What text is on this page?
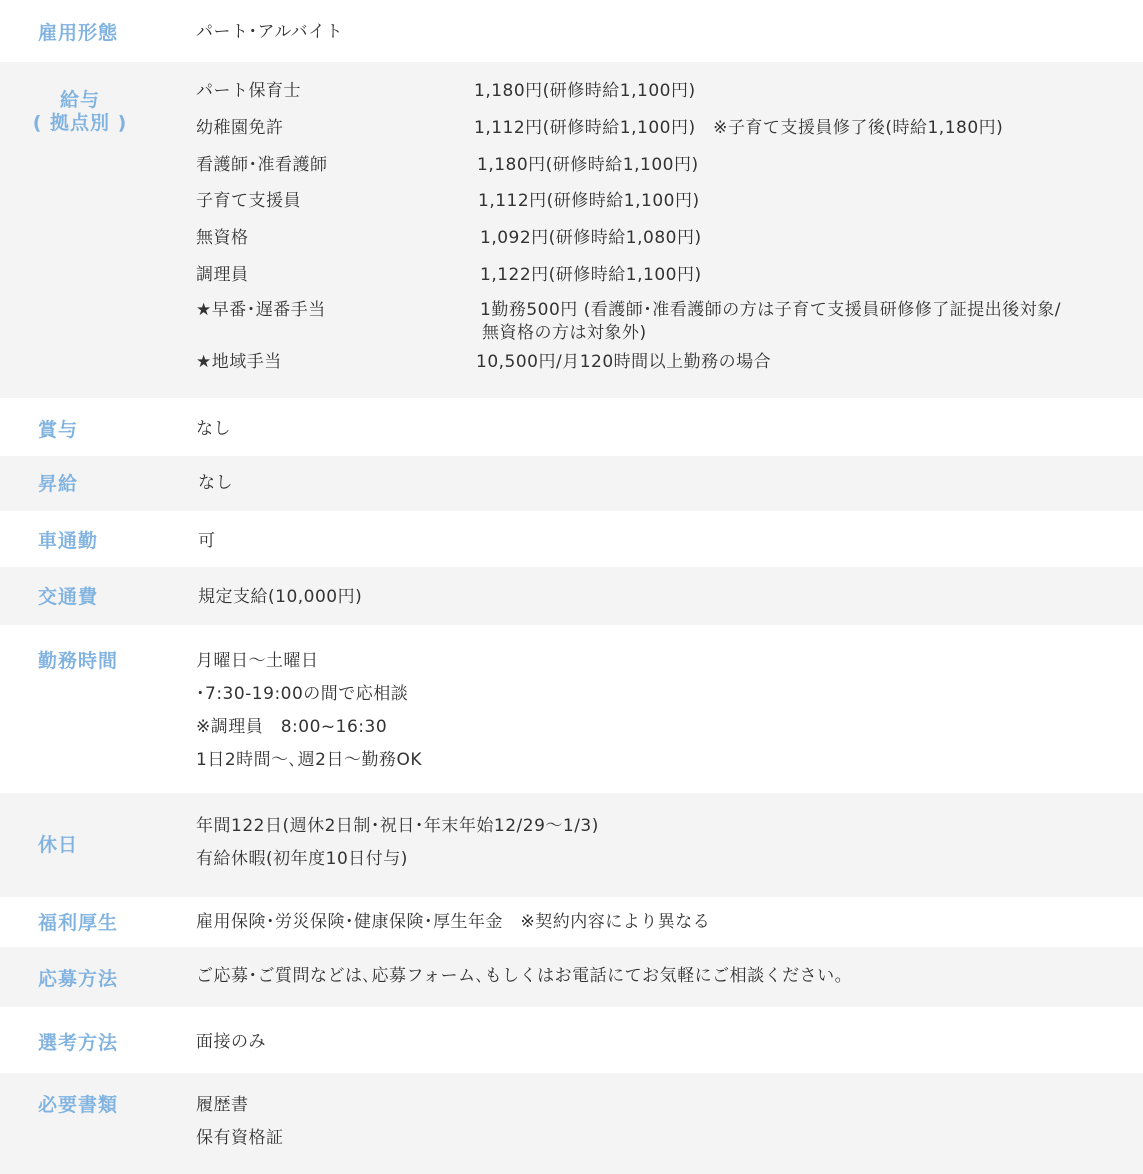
雇用形態	パート･アルバイト
給与
( 拠点別 )
パート保育士	1,180円(研修時給1,100円)
幼稚園免許	1,112円(研修時給1,100円)　※子育て支援員修了後(時給1,180円)
看護師･准看護師	1,180円(研修時給1,100円)
子育て支援員	1,112円(研修時給1,100円)
無資格	1,092円(研修時給1,080円)
調理員	1,122円(研修時給1,100円)
★早番･遅番手当	1勤務500円 (看護師･准看護師の方は子育て支援員研修修了証提出後対象/
無資格の方は対象外)
★地域手当	10,500円/月120時間以上勤務の場合
賞与	なし
昇給	なし
車通勤	可
交通費	規定支給(10,000円)
勤務時間	月曜日～土曜日
･7:30-19:00の間で応相談
※調理員　8:00~16:30
1日2時間～､週2日～勤務OK
休日
年間122日(週休2日制･祝日･年末年始12/29～1/3)
有給休暇(初年度10日付与)
福利厚生	雇用保険･労災保険･健康保険･厚生年金　※契約内容により異なる
応募方法	ご応募･ご質問などは､応募フォーム､もしくはお電話にてお気軽にご相談ください｡
選考方法	面接のみ
必要書類	履歴書
保有資格証
